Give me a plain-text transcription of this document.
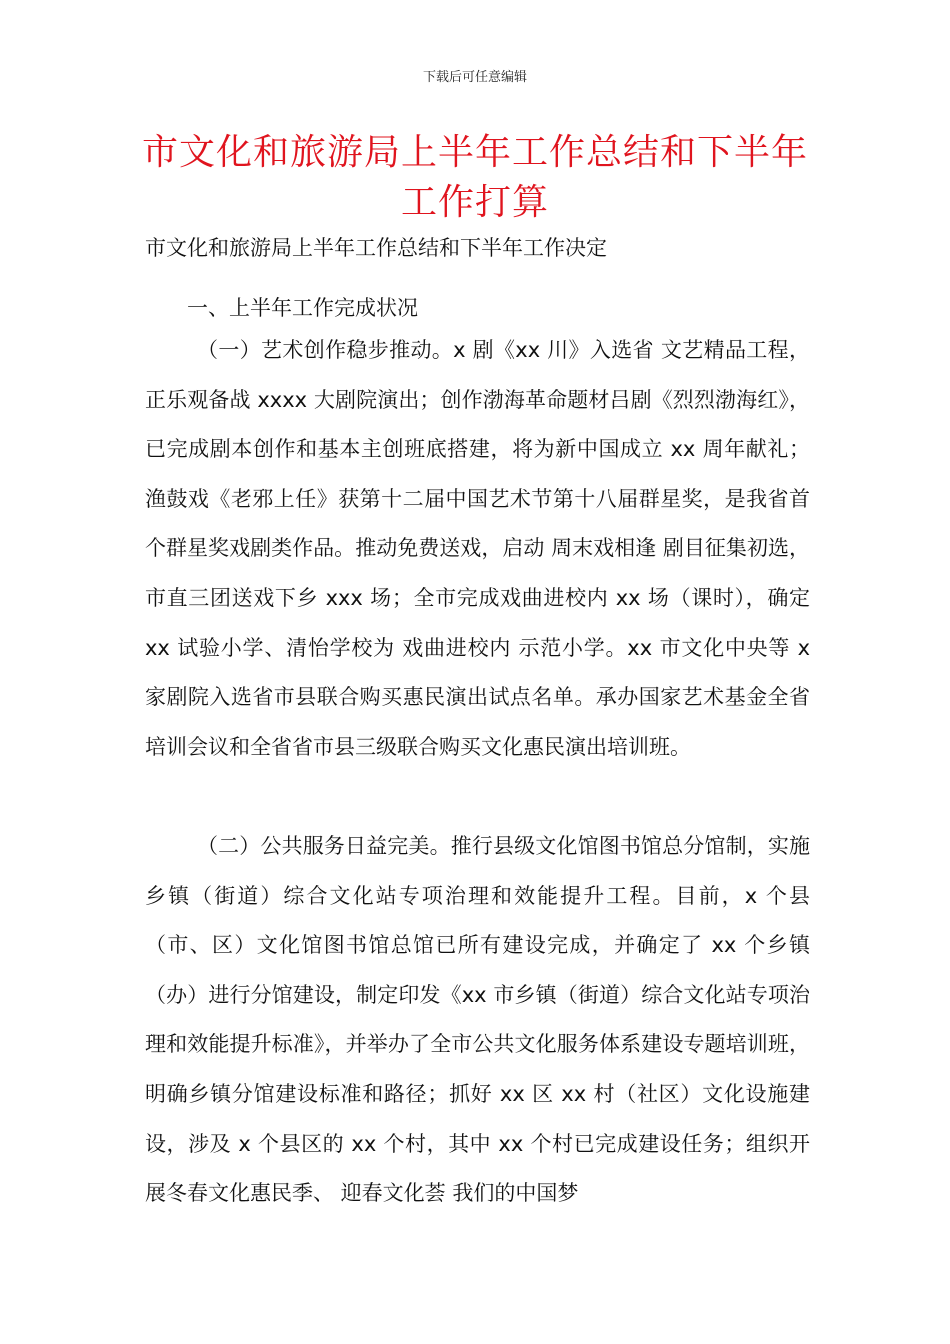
下载后可任意编辑
市文化和旅游局上半年工作总结和下半年工作打算

市文化和旅游局上半年工作总结和下半年工作决定

一、上半年工作完成状况

（一）艺术创作稳步推动。x 剧《xx 川》入选省 文艺精品工程，正乐观备战 xxxx 大剧院演出；创作渤海革命题材吕剧《烈烈渤海红》，已完成剧本创作和基本主创班底搭建，将为新中国成立 xx 周年献礼；渔鼓戏《老邪上任》获第十二届中国艺术节第十八届群星奖，是我省首个群星奖戏剧类作品。推动免费送戏，启动 周末戏相逢 剧目征集初选，市直三团送戏下乡 xxx 场；全市完成戏曲进校内 xx 场（课时），确定 xx 试验小学、清怡学校为 戏曲进校内 示范小学。xx 市文化中央等 x 家剧院入选省市县联合购买惠民演出试点名单。承办国家艺术基金全省培训会议和全省省市县三级联合购买文化惠民演出培训班。

（二）公共服务日益完美。推行县级文化馆图书馆总分馆制，实施乡镇（街道）综合文化站专项治理和效能提升工程。目前，x 个县（市、区）文化馆图书馆总馆已所有建设完成，并确定了 xx 个乡镇（办）进行分馆建设，制定印发《xx 市乡镇（街道）综合文化站专项治理和效能提升标准》，并举办了全市公共文化服务体系建设专题培训班，明确乡镇分馆建设标准和路径；抓好 xx 区 xx 村（社区）文化设施建设，涉及 x 个县区的 xx 个村，其中 xx 个村已完成建设任务；组织开展冬春文化惠民季、 迎春文化荟 我们的中国梦
